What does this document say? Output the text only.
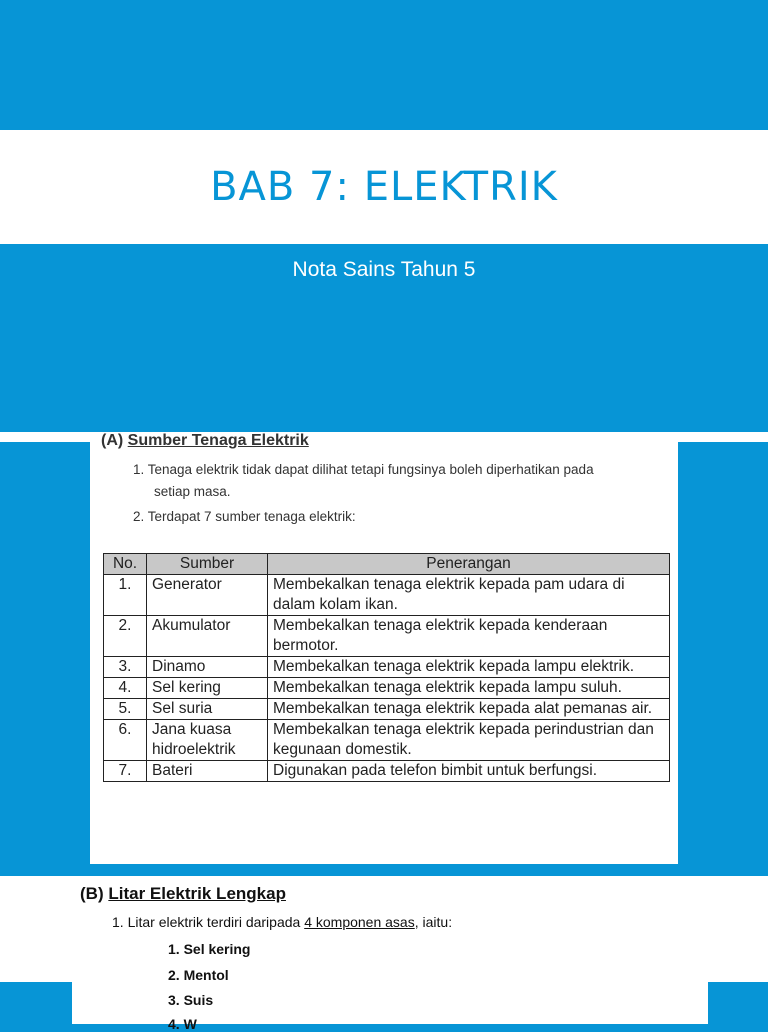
BAB 7: ELEKTRIK
Nota Sains Tahun 5
(A) Sumber Tenaga Elektrik
1. Tenaga elektrik tidak dapat dilihat tetapi fungsinya boleh diperhatikan pada
setiap masa.
2. Terdapat 7 sumber tenaga elektrik:
No.	Sumber	Penerangan
1.	Generator	Membekalkan tenaga elektrik kepada pam udara di dalam kolam ikan.
2.	Akumulator	Membekalkan tenaga elektrik kepada kenderaan bermotor.
3.	Dinamo	Membekalkan tenaga elektrik kepada lampu elektrik.
4.	Sel kering	Membekalkan tenaga elektrik kepada lampu suluh.
5.	Sel suria	Membekalkan tenaga elektrik kepada alat pemanas air.
6.	Jana kuasa hidroelektrik	Membekalkan tenaga elektrik kepada perindustrian dan kegunaan domestik.
7.	Bateri	Digunakan pada telefon bimbit untuk berfungsi.
(B) Litar Elektrik Lengkap
1. Litar elektrik terdiri daripada 4 komponen asas, iaitu:
1. Sel kering
2. Mentol
3. Suis
4. W
